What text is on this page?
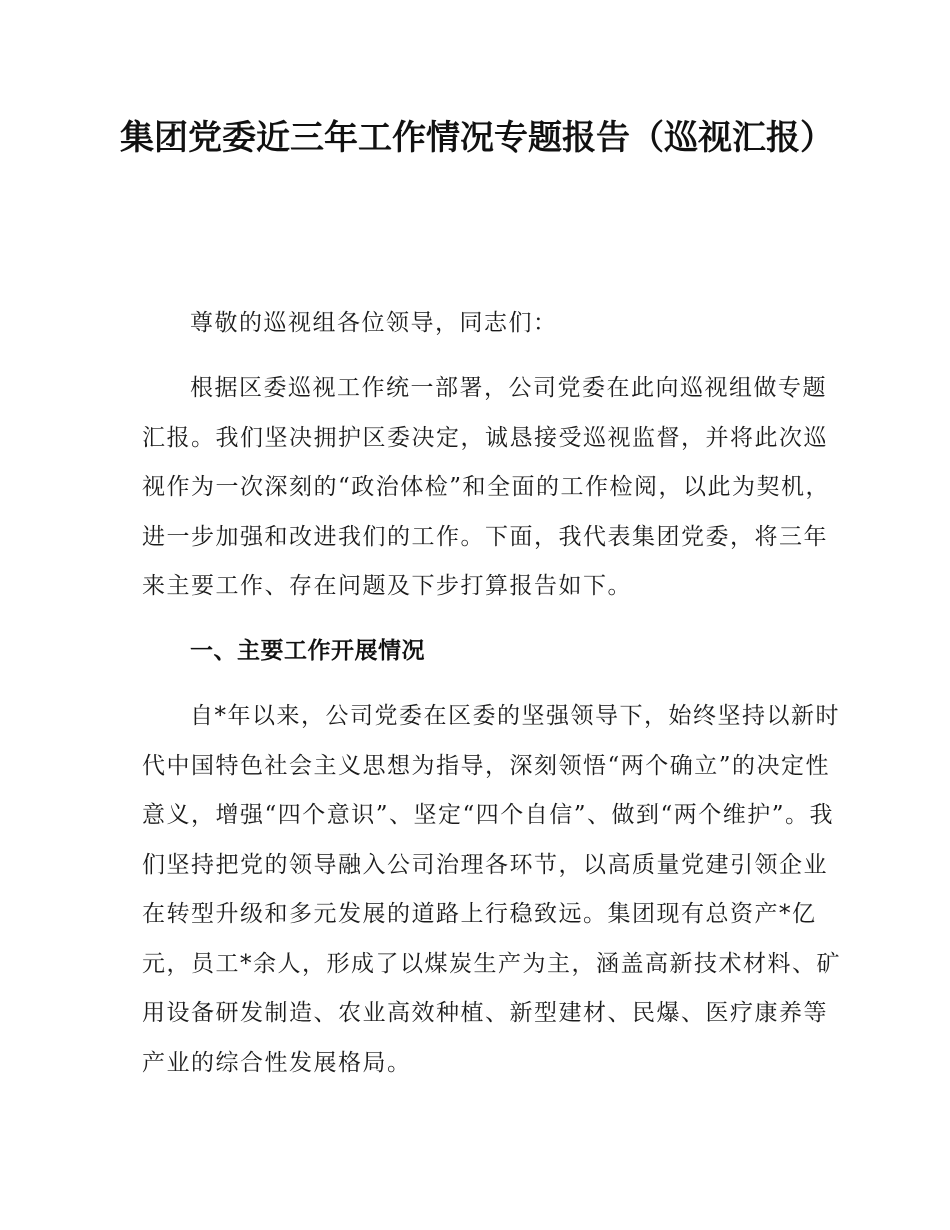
集团党委近三年工作情况专题报告（巡视汇报）

尊敬的巡视组各位领导，同志们：

根据区委巡视工作统一部署，公司党委在此向巡视组做专题汇报。我们坚决拥护区委决定，诚恳接受巡视监督，并将此次巡视作为一次深刻的“政治体检”和全面的工作检阅，以此为契机，进一步加强和改进我们的工作。下面，我代表集团党委，将三年来主要工作、存在问题及下步打算报告如下。

一、主要工作开展情况

自*年以来，公司党委在区委的坚强领导下，始终坚持以新时代中国特色社会主义思想为指导，深刻领悟“两个确立”的决定性意义，增强“四个意识”、坚定“四个自信”、做到“两个维护”。我们坚持把党的领导融入公司治理各环节，以高质量党建引领企业在转型升级和多元发展的道路上行稳致远。集团现有总资产*亿元，员工*余人，形成了以煤炭生产为主，涵盖高新技术材料、矿用设备研发制造、农业高效种植、新型建材、民爆、医疗康养等产业的综合性发展格局。
